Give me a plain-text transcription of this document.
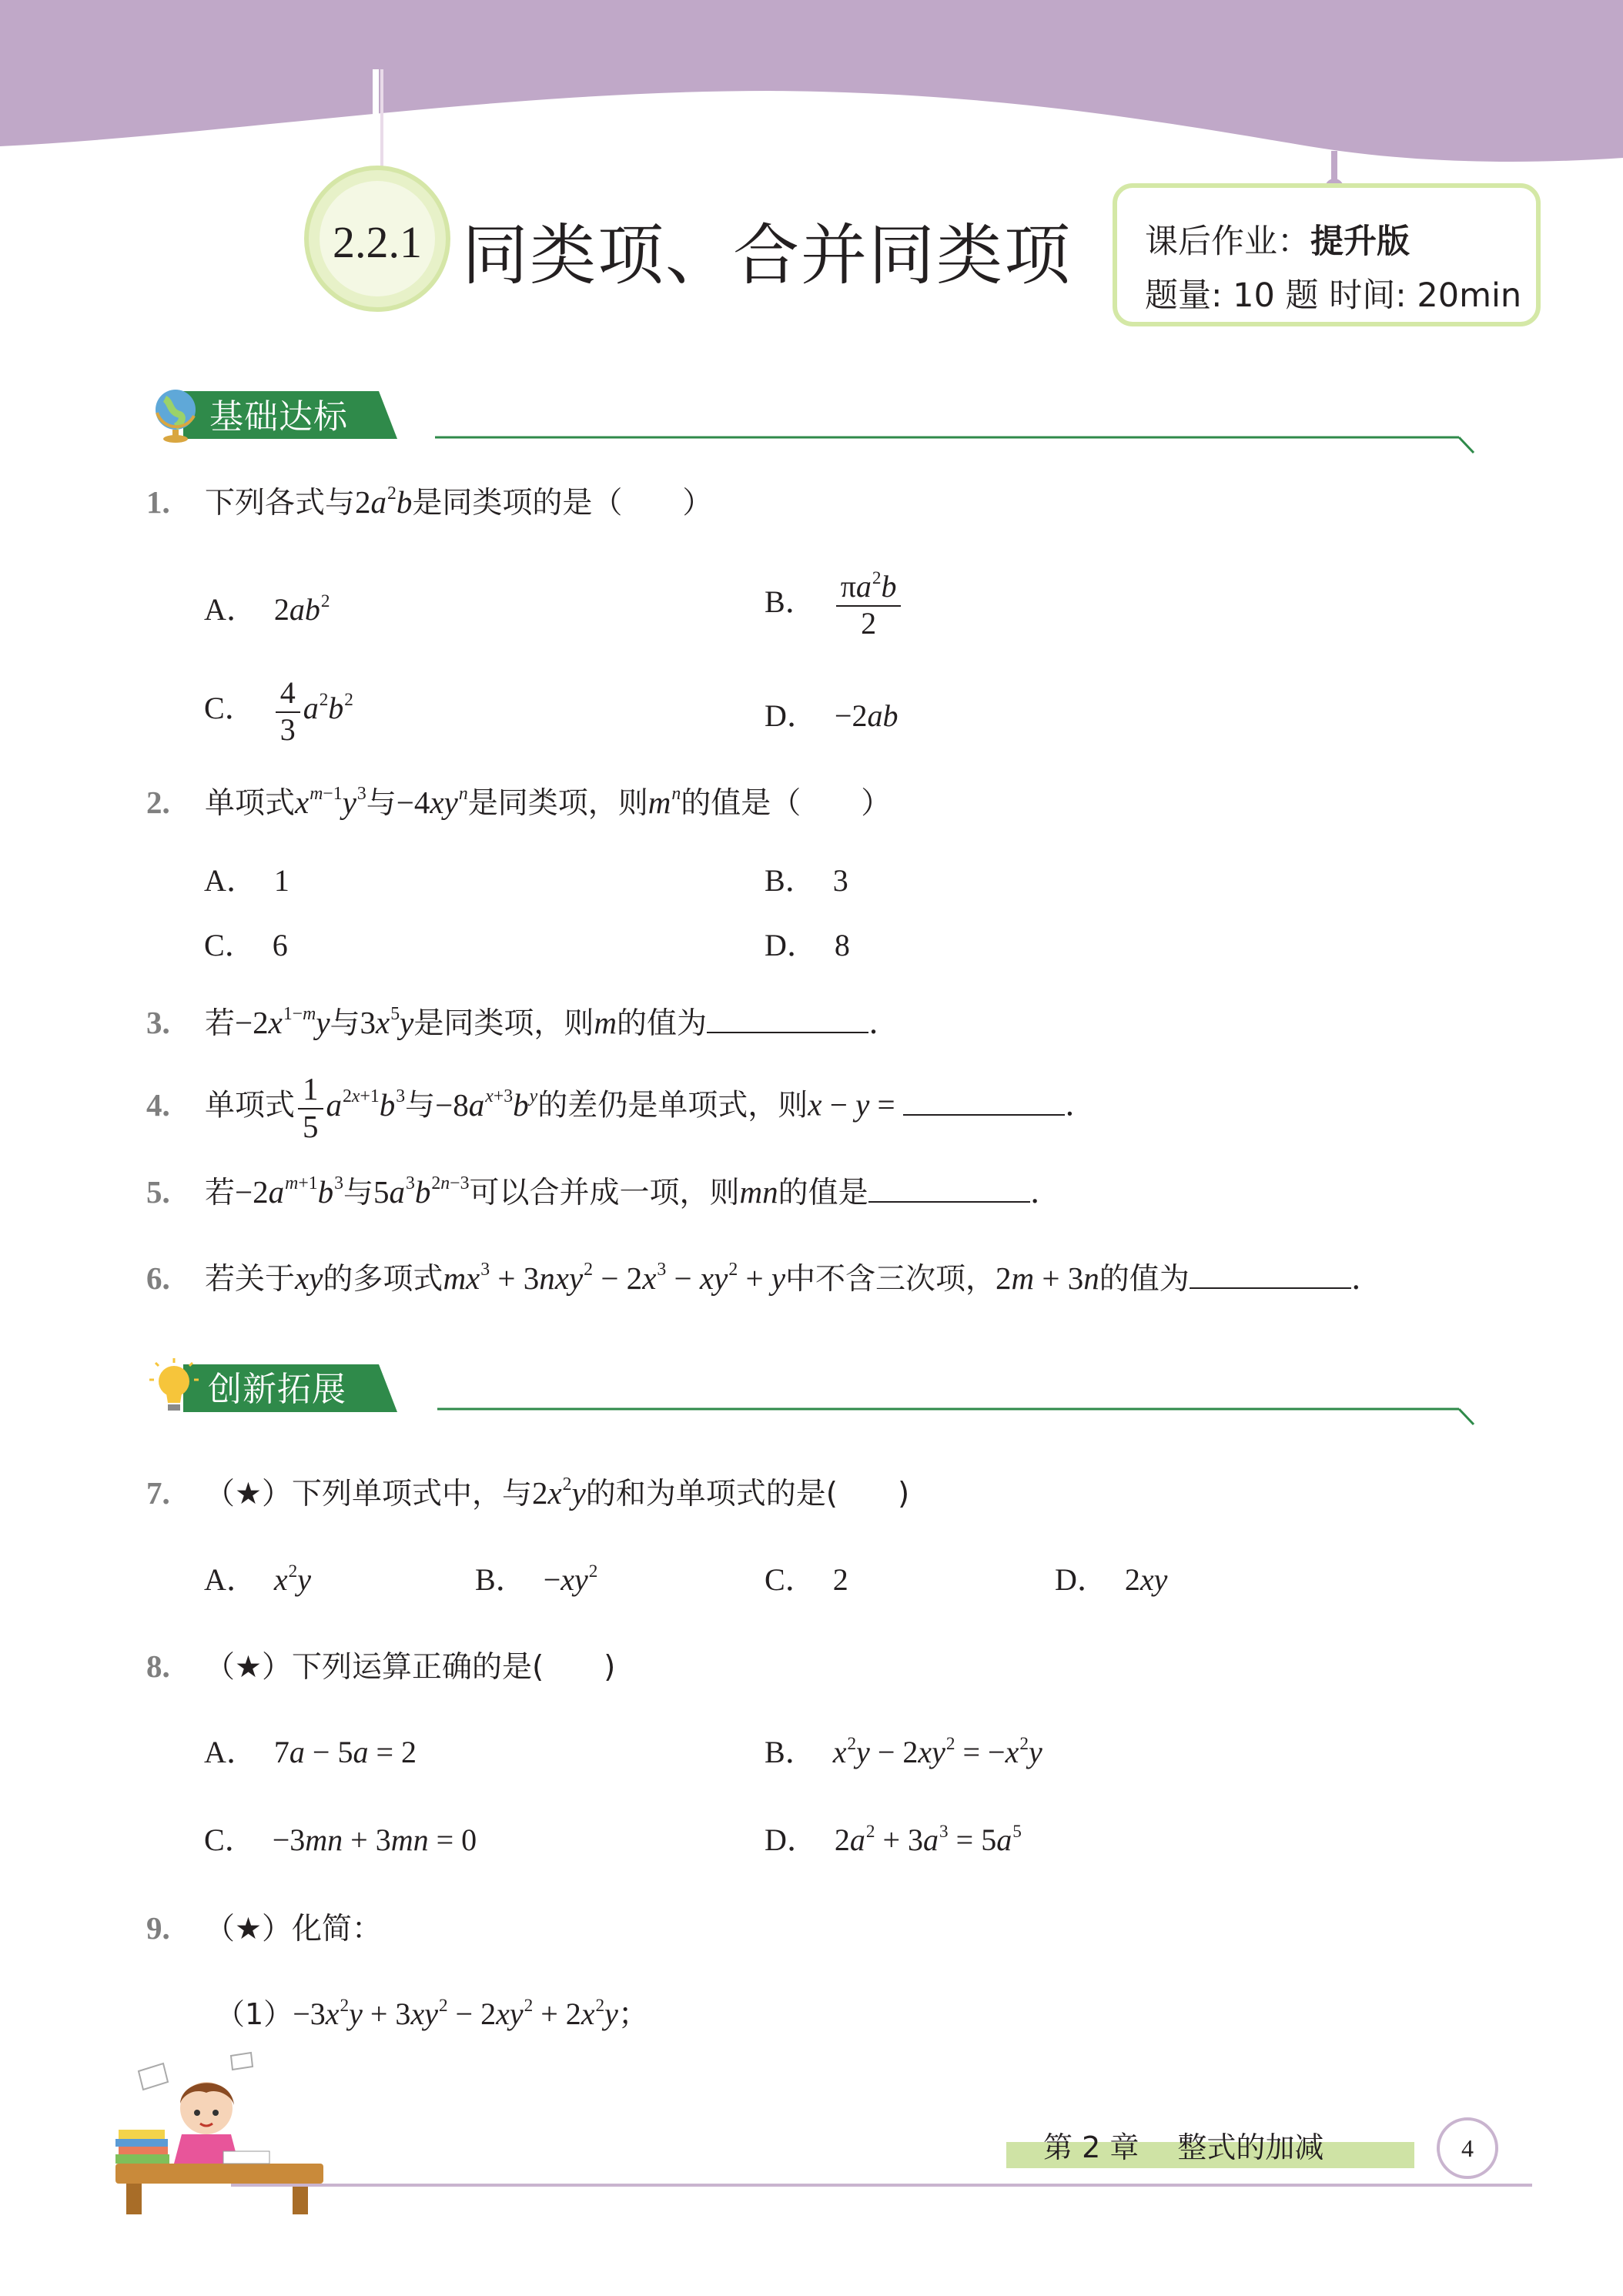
2.2.1 同类项、合并同类项 课后作业：提升版
题量: 10 题 时间: 20min
基础达标
1. 下列各式与$2a^2b$是同类项的是（　　）
A． $2ab^2$	B． $\frac{\pi a^2b}{2}$
C． $\frac{4}{3} a^2b^2$	D． −2ab
2. 单项式$x^{m-1}y^3$与$-4xy^n$是同类项，则$m^n$的值是（　　）
A． 1	B． 3
C． 6	D． 8
3. 若$-2x^{1-m}y$与$3x^5y$是同类项，则m的值为	.
4. 单项式 $\frac{1}{5} a^{2x+1}b^3$与$-8a^{x+3}b^y$的差仍是单项式，则x − y =	.
5. 若$-2a^{m+1}b^3$与$5a^3b^{2n-3}$可以合并成一项，则mn的值是	.
6. 若关于xy的多项式$mx^3 + 3nxy^2 - 2x^3 - xy^2 + y$中不含三次项，2m + 3n的值为	.
创新拓展
7. （★）下列单项式中，与$2x^2y$的和为单项式的是(　　)
A． $x^2y$	B． $-xy^2$	C． 2	D． 2xy
8. （★）下列运算正确的是(　　)
A． 7a − 5a = 2	B． $x^2y - 2xy^2 = -x^2y$
C． −3mn + 3mn = 0	D． $2a^2 + 3a^3 = 5a^5$
9. （★）化简：
$(1)-3x^2y + 3xy^2 - 2xy^2 + 2x^2y$；
第 2 章　 整式的加减	4
